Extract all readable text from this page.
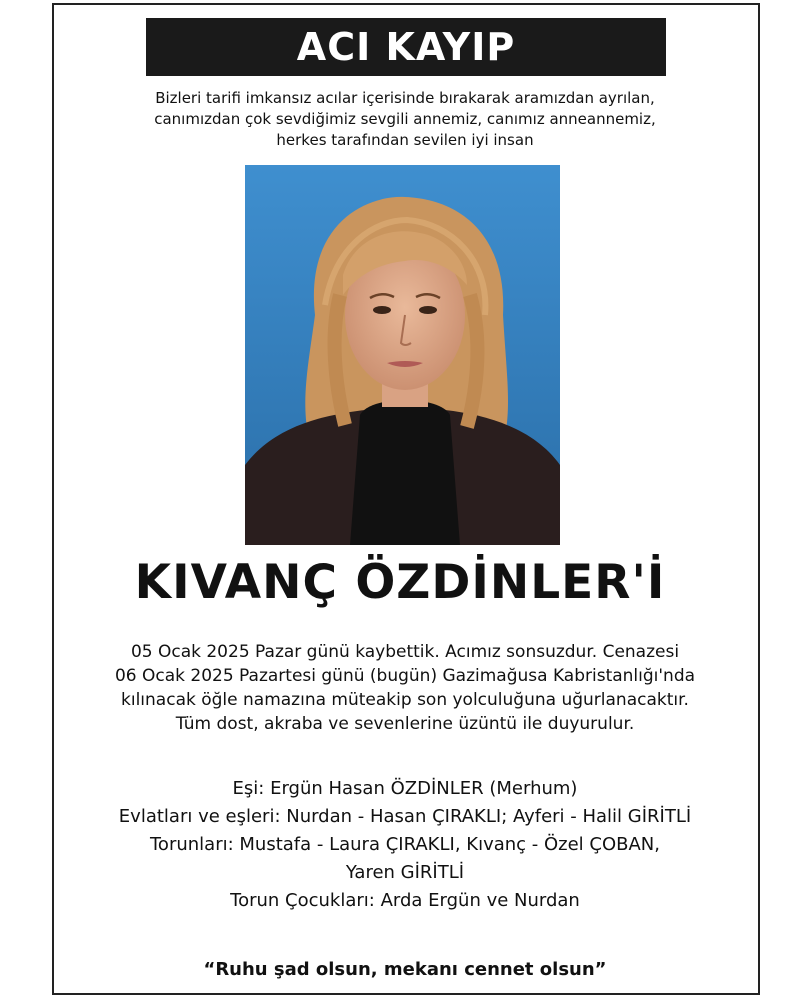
ACI KAYIP
Bizleri tarifi imkansız acılar içerisinde bırakarak aramızdan ayrılan,
canımızdan çok sevdiğimiz sevgili annemiz, canımız anneannemiz,
herkes tarafından sevilen iyi insan
KIVANÇ ÖZDİNLER'İ
05 Ocak 2025 Pazar günü kaybettik. Acımız sonsuzdur. Cenazesi
06 Ocak 2025 Pazartesi günü (bugün) Gazimağusa Kabristanlığı'nda
kılınacak öğle namazına müteakip son yolculuğuna uğurlanacaktır.
Tüm dost, akraba ve sevenlerine üzüntü ile duyurulur.
Eşi: Ergün Hasan ÖZDİNLER (Merhum)
Evlatları ve eşleri: Nurdan - Hasan ÇIRAKLI; Ayferi - Halil GİRİTLİ
Torunları: Mustafa - Laura ÇIRAKLI, Kıvanç - Özel ÇOBAN,
Yaren GİRİTLİ
Torun Çocukları: Arda Ergün ve Nurdan
“Ruhu şad olsun, mekanı cennet olsun”
